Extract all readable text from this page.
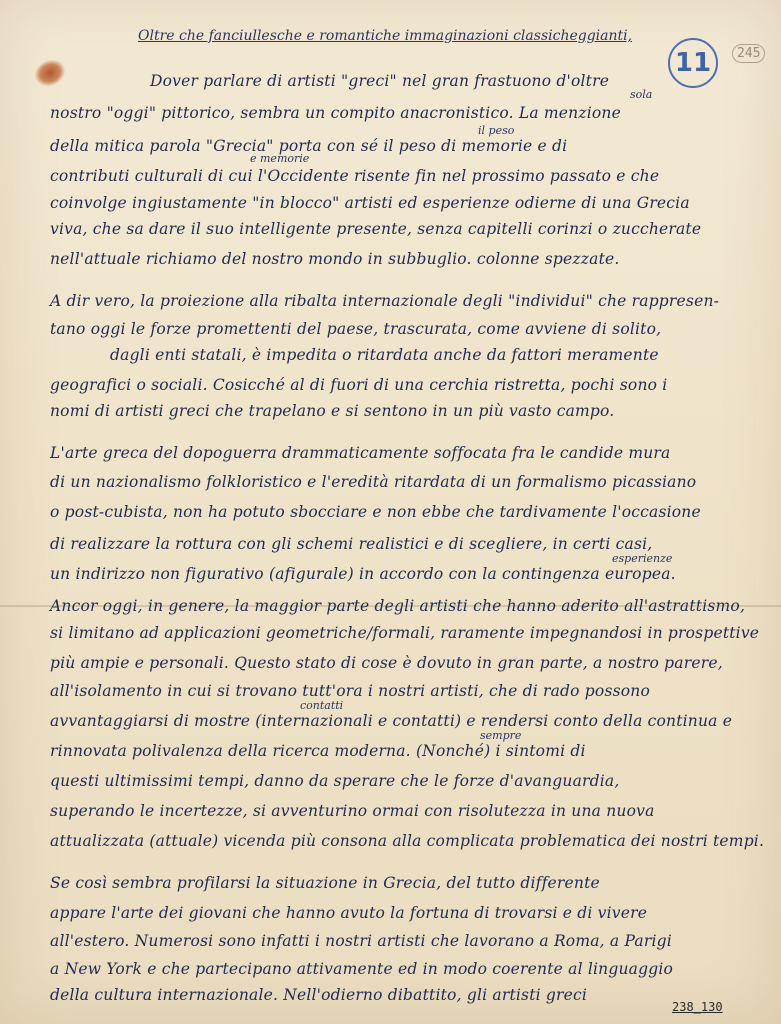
Oltre che fanciullesche e romantiche immaginazioni classicheggianti,
11	245
Dover parlare di artisti "greci" nel gran frastuono d'oltre
nostro "oggi" pittorico, sembra un compito anacronistico. La menzione
della mitica parola "Grecia" porta con sé il peso di memorie e di
contributi culturali di cui l'Occidente risente fin nel prossimo passato e che
coinvolge ingiustamente "in blocco" artisti ed esperienze odierne di una Grecia
viva, che sa dare il suo intelligente presente, senza capitelli corinzi o zuccherate
nell'attuale richiamo del nostro mondo in subbuglio. colonne spezzate.
sola
e memorie
il peso
A dir vero, la proiezione alla ribalta internazionale degli "individui" che rappresen-
tano oggi le forze promettenti del paese, trascurata, come avviene di solito,
dagli enti statali, è impedita o ritardata anche da fattori meramente
geografici o sociali. Cosicché al di fuori di una cerchia ristretta, pochi sono i
nomi di artisti greci che trapelano e si sentono in un più vasto campo.
L'arte greca del dopoguerra drammaticamente soffocata fra le candide mura
di un nazionalismo folkloristico e l'eredità ritardata di un formalismo picassiano
o post-cubista, non ha potuto sbocciare e non ebbe che tardivamente l'occasione
di realizzare la rottura con gli schemi realistici e di scegliere, in certi casi,
un indirizzo non figurativo (afigurale) in accordo con la contingenza europea.
Ancor oggi, in genere, la maggior parte degli artisti che hanno aderito all'astrattismo,
si limitano ad applicazioni geometriche/formali, raramente impegnandosi in prospettive
più ampie e personali. Questo stato di cose è dovuto in gran parte, a nostro parere,
all'isolamento in cui si trovano tutt'ora i nostri artisti, che di rado possono
avvantaggiarsi di mostre (internazionali e contatti) e rendersi conto della continua e
rinnovata polivalenza della ricerca moderna. (Nonché) i sintomi di
questi ultimissimi tempi, danno da sperare che le forze d'avanguardia,
superando le incertezze, si avventurino ormai con risolutezza in una nuova
attualizzata (attuale) vicenda più consona alla complicata problematica dei nostri tempi.
esperienze
contatti
sempre
Se così sembra profilarsi la situazione in Grecia, del tutto differente
appare l'arte dei giovani che hanno avuto la fortuna di trovarsi e di vivere
all'estero. Numerosi sono infatti i nostri artisti che lavorano a Roma, a Parigi
a New York e che partecipano attivamente ed in modo coerente al linguaggio
della cultura internazionale. Nell'odierno dibattito, gli artisti greci
238_130
